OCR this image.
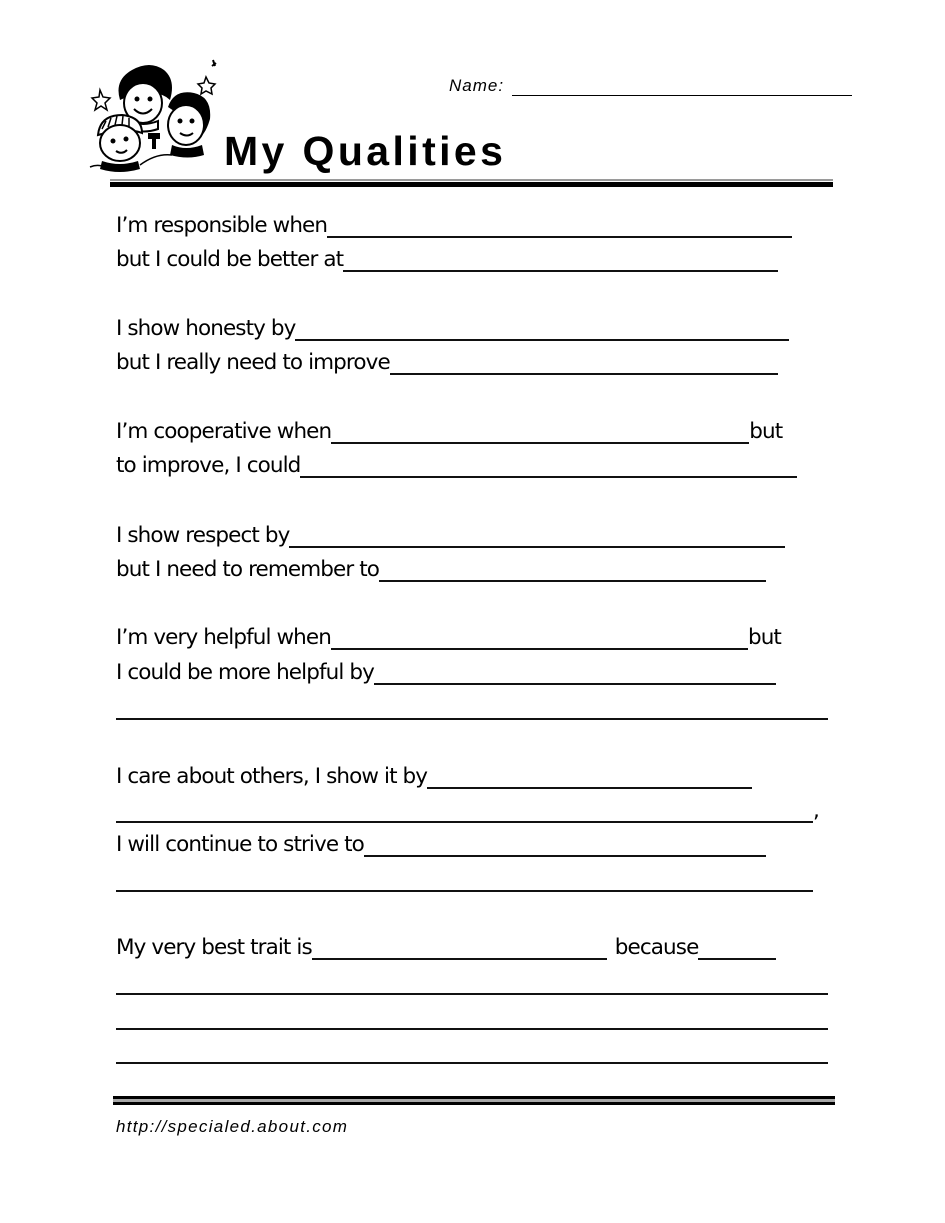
Name:
My Qualities
I’m responsible when
but I could be better at
I show honesty by
but I really need to improve
I’m cooperative when	but
to improve, I could
I show respect by
but I need to remember to
I’m very helpful when	but
I could be more helpful by
I care about others, I show it by
,
I will continue to strive to
My very best trait is	because
http://specialed.about.com
